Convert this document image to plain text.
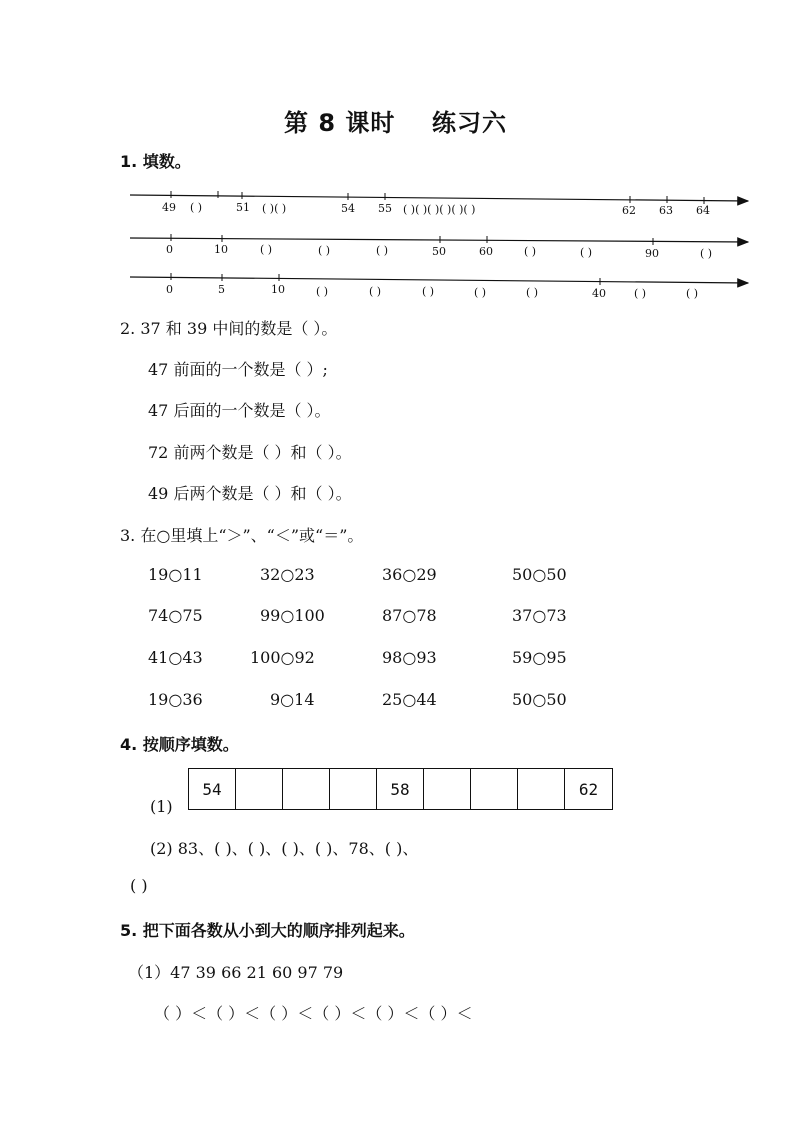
第 8 课时 练习六
1. 填数。
49 ( )	51 ( )( )	54 55 ( )( )( )( )( )( )	62 63 64
0	10	( )	( )	( )	50	60	( )	( )	90	( )
0	5	10	( )	( )	( )	( )	( )	40	( )	( )
2. 37 和 39 中间的数是（ ）。
47 前面的一个数是（ ）;
47 后面的一个数是（ ）。
72 前两个数是（ ）和（ ）。
49 后两个数是（ ）和（ ）。
3. 在○里填上“＞”、“＜”或“＝”。
19○11	32○23	36○29	50○50
74○75	99○100	87○78	37○73
41○43	100○92	98○93	59○95
19○36	9○14	25○44	50○50
4. 按顺序填数。
(1)
54	58	62
(2) 83、( )、( )、( )、( )、78、( )、
( )
5. 把下面各数从小到大的顺序排列起来。
（1）47 39 66 21 60 97 79
（ ）＜（ ）＜（ ）＜（ ）＜（ ）＜（ ）＜
